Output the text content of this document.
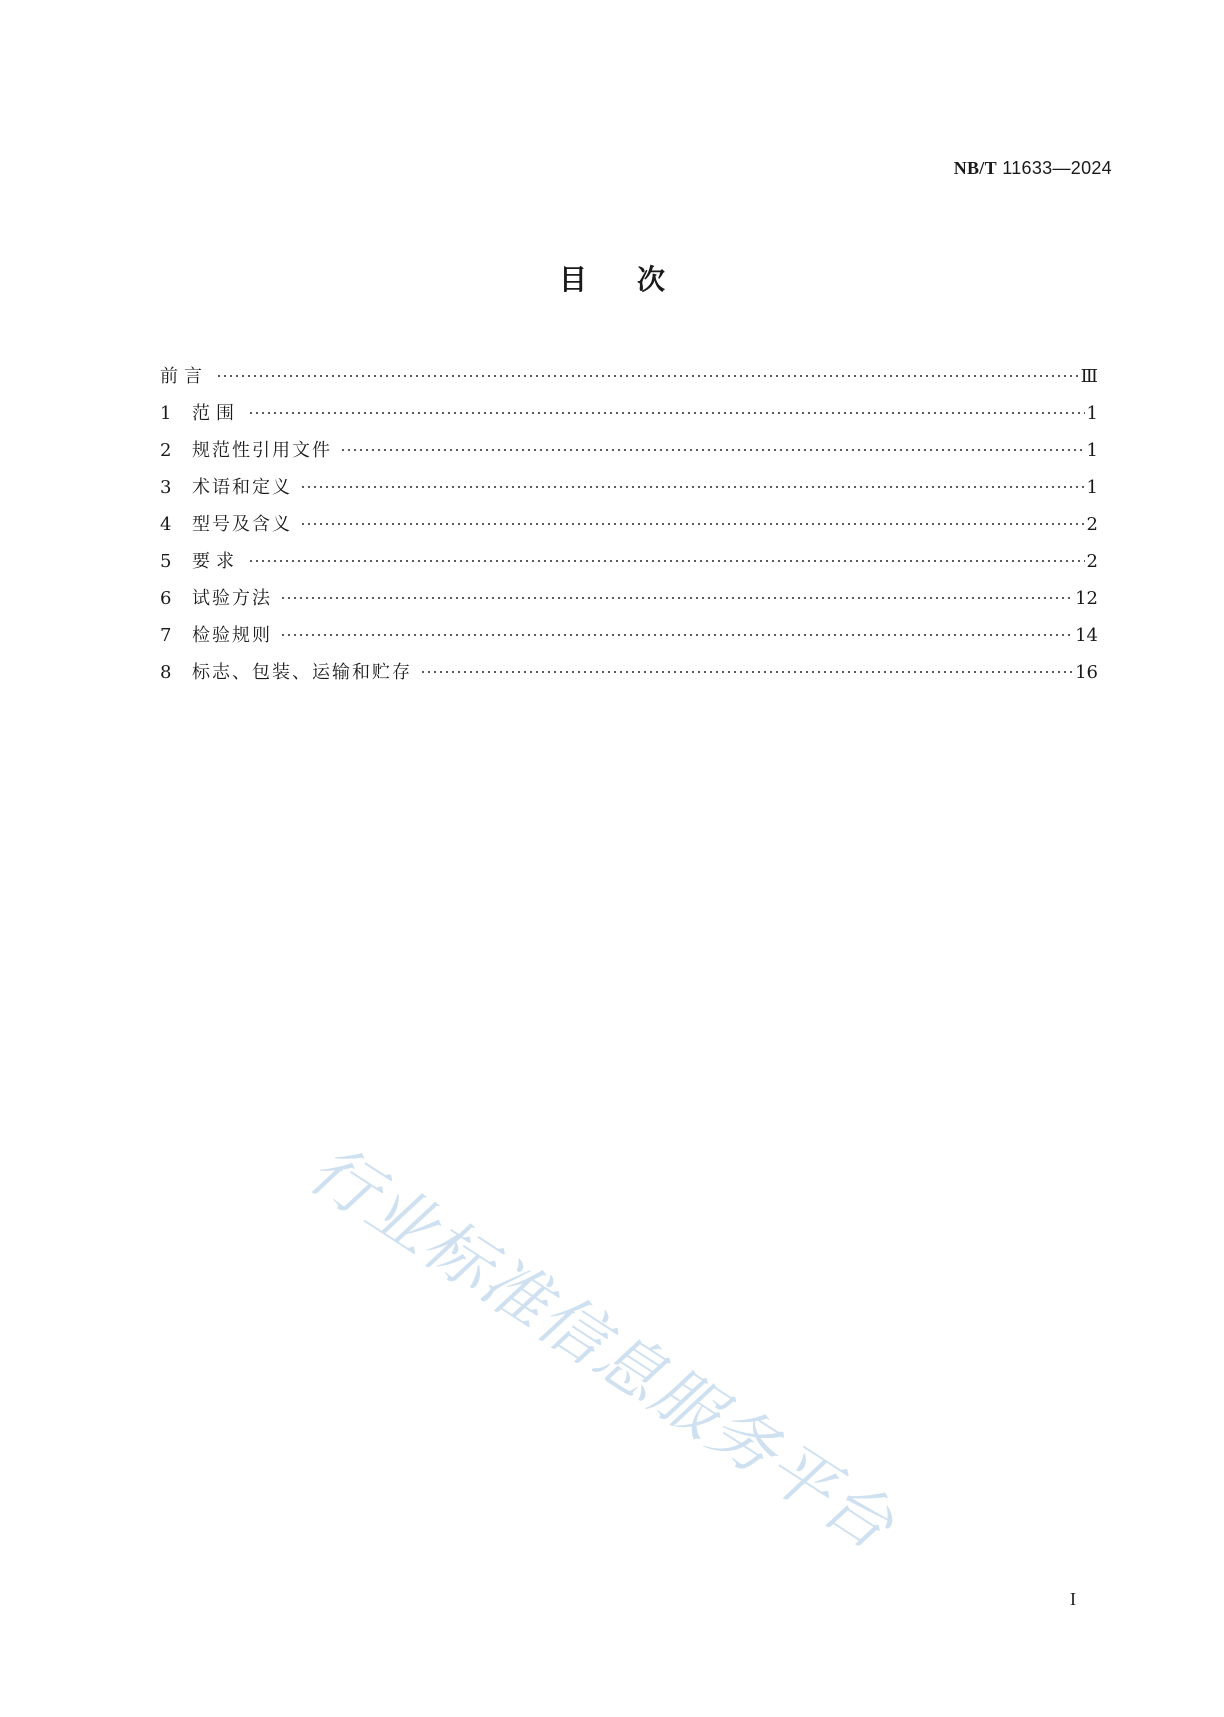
NB/T 11633—2024
目次
前言	Ⅲ
1	范围	1
2	规范性引用文件	1
3	术语和定义	1
4	型号及含义	2
5	要求	2
6	试验方法	12
7	检验规则	14
8	标志、包装、运输和贮存	16
行业标准信息服务平台
I
